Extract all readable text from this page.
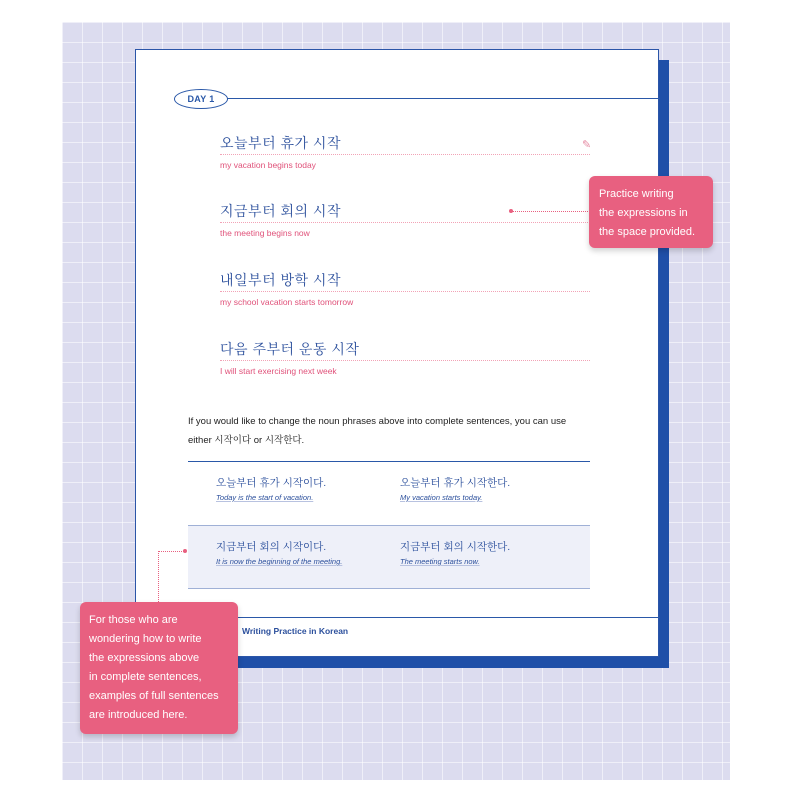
DAY 1
✎
오늘부터 휴가 시작
my vacation begins today
지금부터 회의 시작
the meeting begins now
내일부터 방학 시작
my school vacation starts tomorrow
다음 주부터 운동 시작
I will start exercising next week
If you would like to change the noun phrases above into complete sentences, you can use
either 시작이다 or 시작한다.
오늘부터 휴가 시작이다.
Today is the start of vacation.
오늘부터 휴가 시작한다.
My vacation starts today.
지금부터 회의 시작이다.
It is now the beginning of the meeting.
지금부터 회의 시작한다.
The meeting starts now.
Writing Practice in Korean
Practice writing
the expressions in
the space provided.
For those who are
wondering how to write
the expressions above
in complete sentences,
examples of full sentences
are introduced here.
